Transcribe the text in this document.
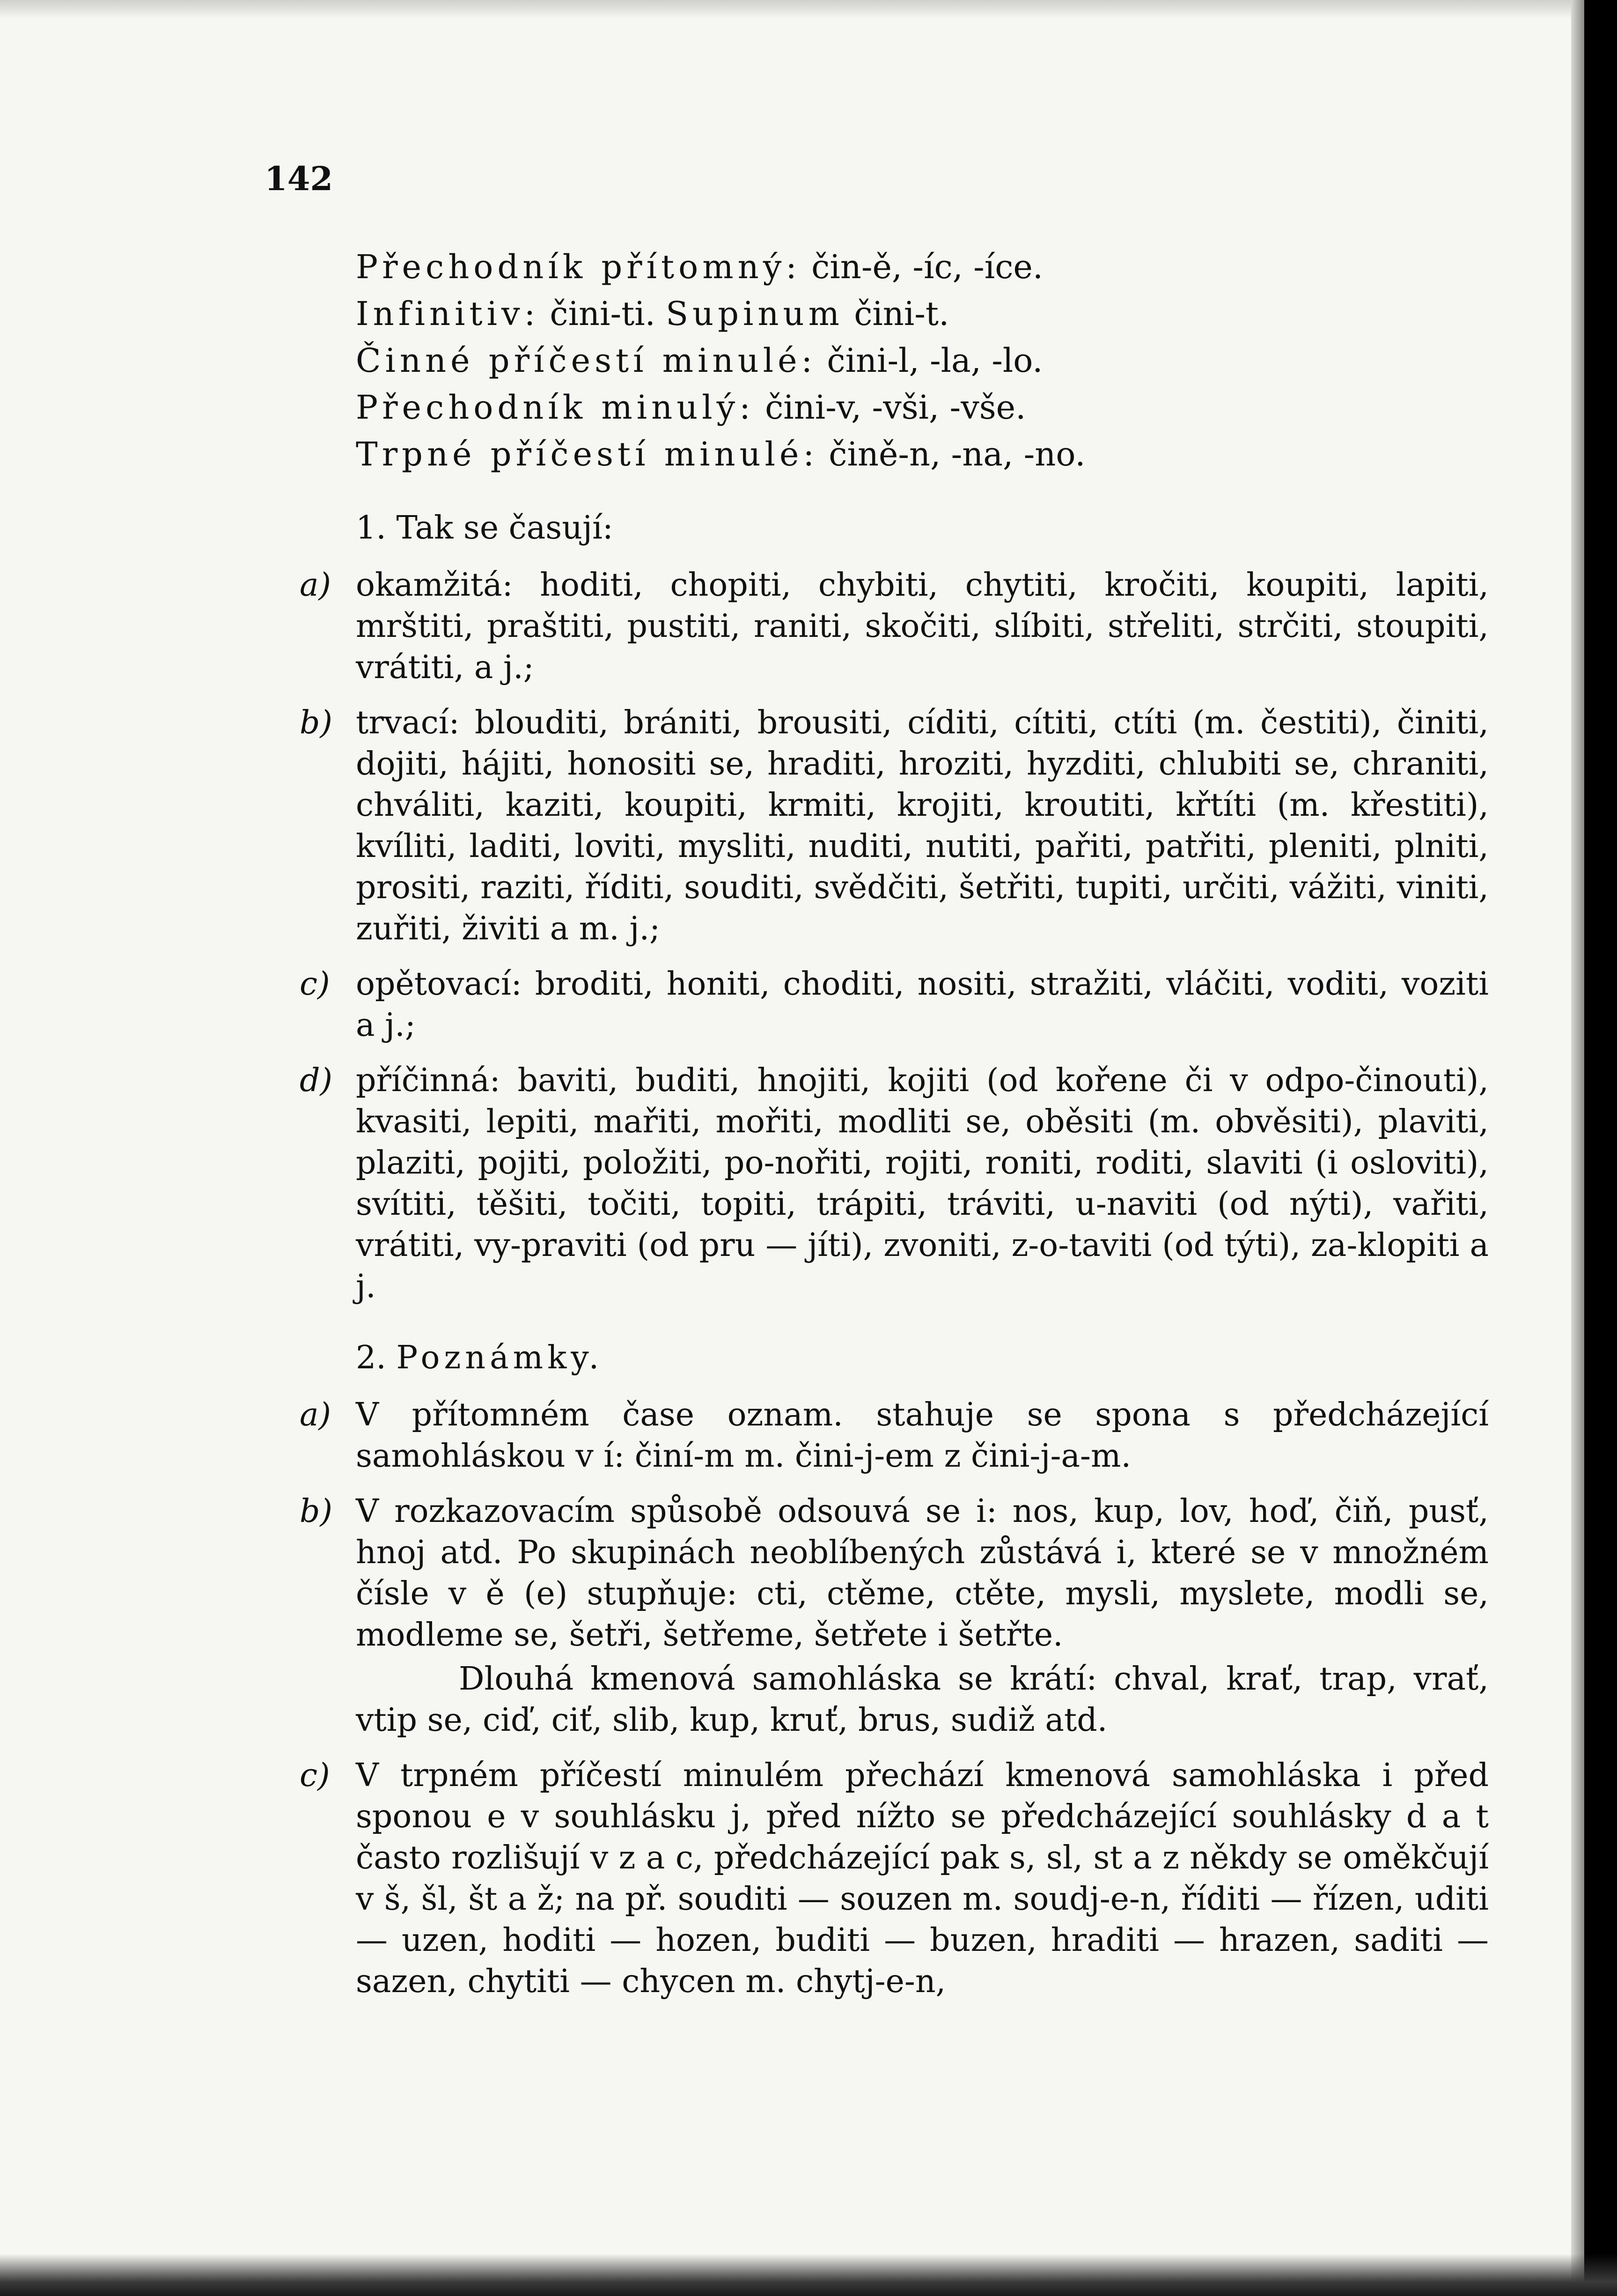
142

Přechodník přítomný: čin-ě, -íc, -íce.

Infinitiv: čini-ti. Supinum čini-t.

Činné příčestí minulé: čini-l, -la, -lo.

Přechodník minulý: čini-v, -vši, -vše.

Trpné příčestí minulé: čině-n, -na, -no.

1. Tak se časují:

a) okamžitá: hoditi, chopiti, chybiti, chytiti, kročiti, koupiti, lapiti, mrštiti, praštiti, pustiti, raniti, skočiti, slíbiti, střeliti, strčiti, stoupiti, vrátiti, a j.;

b) trvací: blouditi, brániti, brousiti, cíditi, cítiti, ctíti (m. čestiti), činiti, dojiti, hájiti, honositi se, hraditi, hroziti, hyzditi, chlubiti se, chraniti, chváliti, kaziti, koupiti, krmiti, krojiti, kroutiti, křtíti (m. křestiti), kvíliti, laditi, loviti, mysliti, nuditi, nutiti, pařiti, patřiti, pleniti, plniti, prositi, raziti, říditi, souditi, svědčiti, šetřiti, tupiti, určiti, vážiti, viniti, zuřiti, živiti a m. j.;

c) opětovací: broditi, honiti, choditi, nositi, stražiti, vláčiti, voditi, voziti a j.;

d) příčinná: baviti, buditi, hnojiti, kojiti (od kořene či v odpo-činouti), kvasiti, lepiti, mařiti, mořiti, modliti se, oběsiti (m. obvěsiti), plaviti, plaziti, pojiti, položiti, po-nořiti, rojiti, roniti, roditi, slaviti (i osloviti), svítiti, těšiti, točiti, topiti, trápiti, tráviti, u-naviti (od nýti), vařiti, vrátiti, vy-praviti (od pru — jíti), zvoniti, z-o-taviti (od týti), za-klopiti a j.

2. Poznámky.

a) V přítomném čase oznam. stahuje se spona s předcházející samohláskou v í: činí-m m. čini-j-em z čini-j-a-m.

b) V rozkazovacím spůsobě odsouvá se i: nos, kup, lov, hoď, čiň, pusť, hnoj atd. Po skupinách neoblíbených zůstává i, které se v množném čísle v ě (e) stupňuje: cti, ctěme, ctěte, mysli, myslete, modli se, modleme se, šetři, šetřeme, šetřete i šetřte.

Dlouhá kmenová samohláska se krátí: chval, krať, trap, vrať, vtip se, ciď, ciť, slib, kup, kruť, brus, sudiž atd.

c) V trpném příčestí minulém přechází kmenová samohláska i před sponou e v souhlásku j, před nížto se předcházející souhlásky d a t často rozlišují v z a c, předcházející pak s, sl, st a z někdy se oměkčují v š, šl, št a ž; na př. souditi — souzen m. soudj-e-n, říditi — řízen, uditi — uzen, hoditi — hozen, buditi — buzen, hraditi — hrazen, saditi — sazen, chytiti — chycen m. chytj-e-n,
